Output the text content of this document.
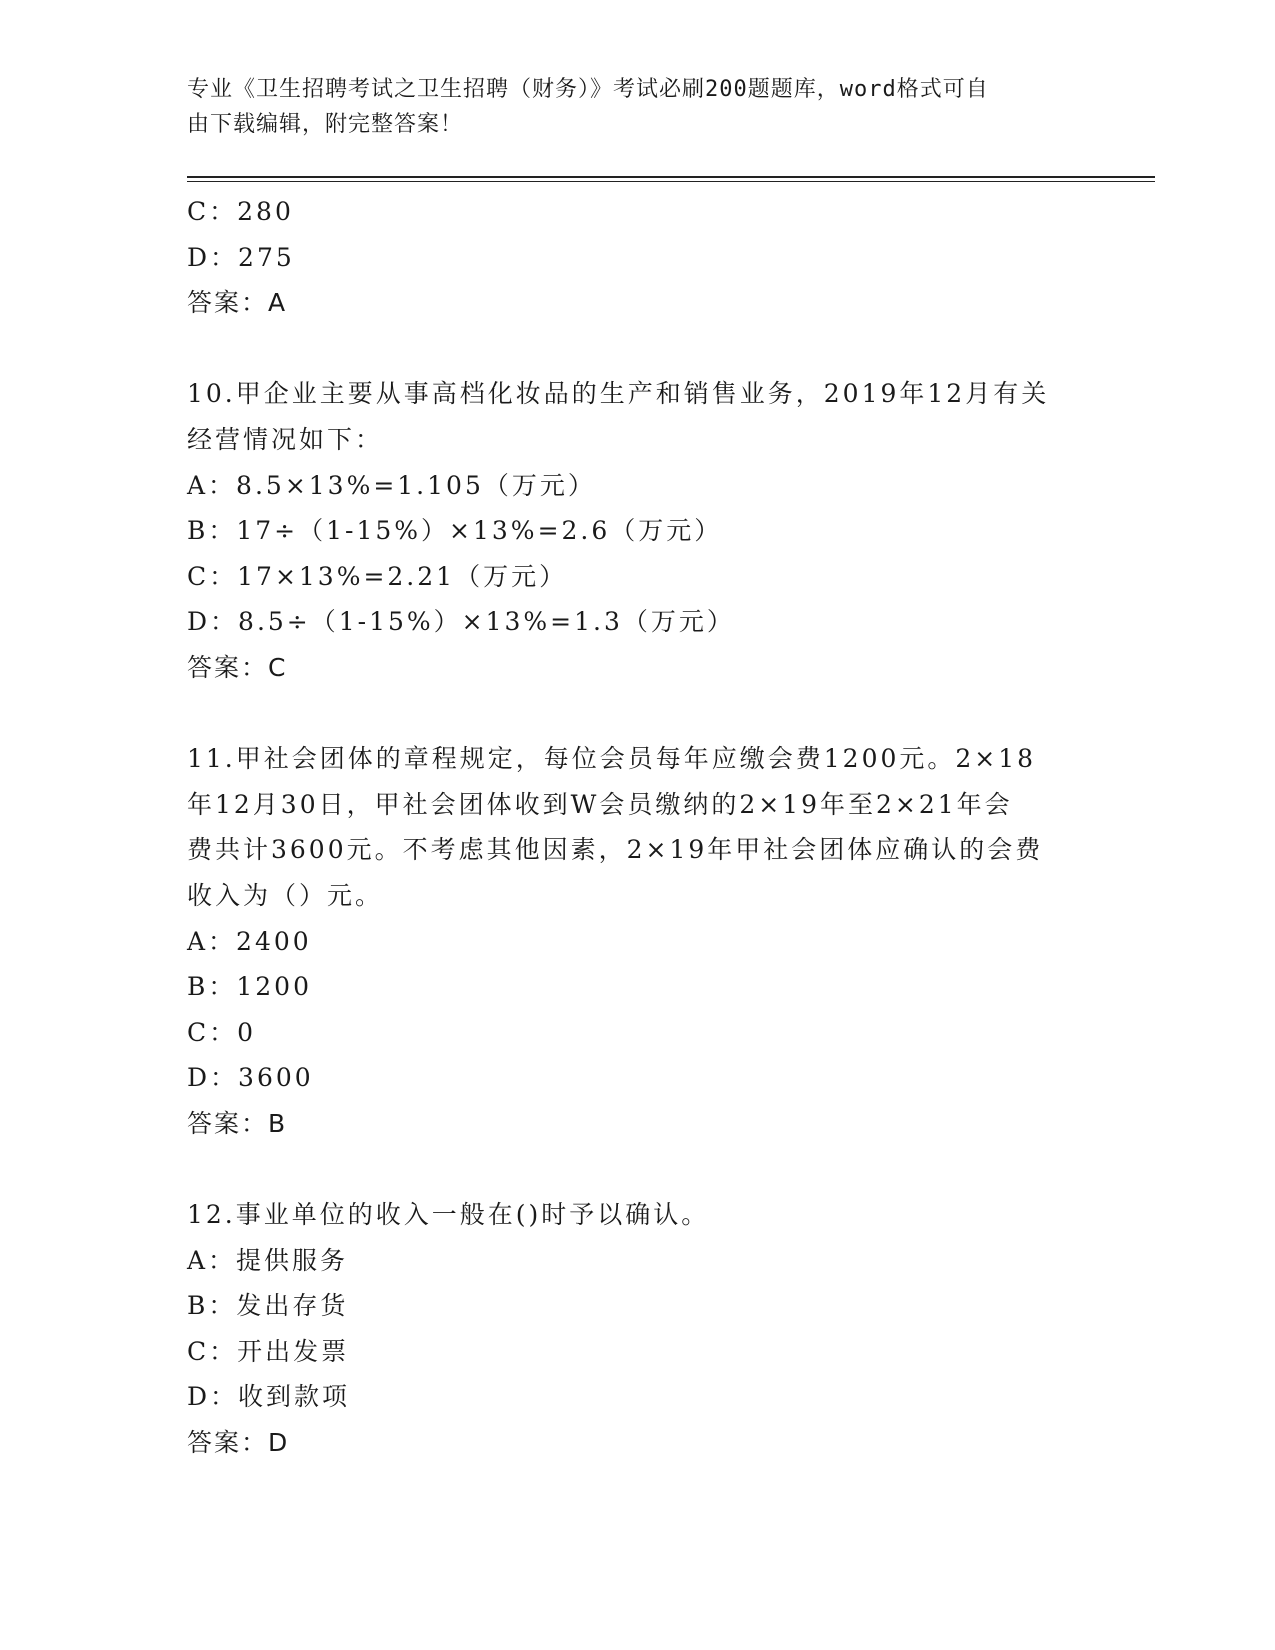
专业《卫生招聘考试之卫生招聘（财务）》考试必刷200题题库，word格式可自
由下载编辑，附完整答案！
C：280
D：275
答案：A
10.甲企业主要从事高档化妆品的生产和销售业务，2019年12月有关
经营情况如下：
A：8.5×13%=1.105（万元）
B：17÷（1-15%）×13%=2.6（万元）
C：17×13%=2.21（万元）
D：8.5÷（1-15%）×13%=1.3（万元）
答案：C
11.甲社会团体的章程规定，每位会员每年应缴会费1200元。2×18
年12月30日，甲社会团体收到W会员缴纳的2×19年至2×21年会
费共计3600元。不考虑其他因素，2×19年甲社会团体应确认的会费
收入为（）元。
A：2400
B：1200
C：0
D：3600
答案：B
12.事业单位的收入一般在()时予以确认。
A：提供服务
B：发出存货
C：开出发票
D：收到款项
答案：D
